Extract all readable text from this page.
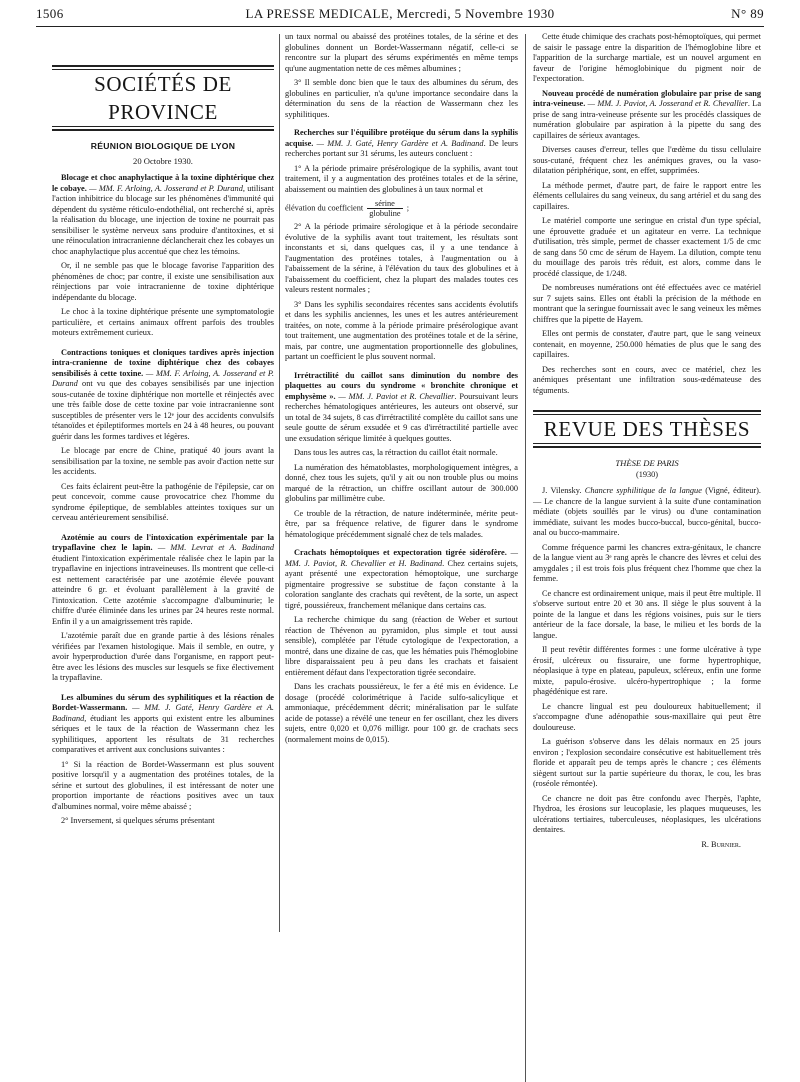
1506	LA PRESSE MEDICALE, Mercredi, 5 Novembre 1930	N° 89
SOCIÉTÉS DE PROVINCE
RÉUNION BIOLOGIQUE DE LYON
20 Octobre 1930.

Blocage et choc anaphylactique à la toxine diphtérique chez le cobaye. — MM. F. Arloing, A. Josserand et P. Durand, utilisant l'action inhibitrice du blocage sur les phénomènes d'immunité qui dépendent du système réticulo-endothélial, ont recherché si, après la réalisation du blocage, une injection de toxine ne pourrait pas sensibiliser le système nerveux sans produire d'antitoxines, et si une réinoculation intracranienne déclancherait chez les cobayes un choc anaphylactique plus accentué que chez les témoins.

Or, il ne semble pas que le blocage favorise l'apparition des phénomènes de choc; par contre, il existe une sensibilisation aux réinjections par voie intracranienne de toxine diphtérique indépendante du blocage.

Le choc à la toxine diphtérique présente une symptomatologie particulière, et certains animaux offrent parfois des troubles moteurs extrêmement curieux.

Contractions toniques et cloniques tardives après injection intra-cranienne de toxine diphtérique chez des cobayes sensibilisés à cette toxine. — MM. F. Arloing, A. Josserand et P. Durand ont vu que des cobayes sensibilisés par une injection sous-cutanée de toxine diphtérique non mortelle et réinjectés avec une très faible dose de cette toxine par voie intracranienne sont susceptibles de présenter vers le 12ᵉ jour des accidents convulsifs tétanoïdes et épileptiformes mortels en 24 à 48 heures, ou pouvant guérir dans les formes tardives et légères.

Le blocage par encre de Chine, pratiqué 40 jours avant la sensibilisation par la toxine, ne semble pas avoir d'action nette sur les accidents.

Ces faits éclairent peut-être la pathogénie de l'épilepsie, car on peut concevoir, comme cause provocatrice chez l'homme du syndrome épileptique, de semblables atteintes toxiques sur un cerveau antérieurement sensibilisé.

Azotémie au cours de l'intoxication expérimentale par la trypaflavine chez le lapin. — MM. Levrat et A. Badinand étudient l'intoxication expérimentale réalisée chez le lapin par la trypaflavine en injections intraveineuses. Ils montrent que celle-ci est nettement caractérisée par une azotémie élevée pouvant atteindre 6 gr. et évoluant parallèlement à la gravité de l'intoxication. Cette azotémie s'accompagne d'albuminurie; le chiffre d'urée éliminée dans les urines par 24 heures reste normal. Enfin il y a un amaigrissement très rapide.

L'azotémie paraît due en grande partie à des lésions rénales vérifiées par l'examen histologique. Mais il semble, en outre, y avoir hyperproduction d'urée dans l'organisme, en rapport peut-être avec les lésions des muscles sur lesquels se fixe électivement la trypaflavine.

Les albumines du sérum des syphilitiques et la réaction de Bordet-Wassermann. — MM. J. Gaté, Henry Gardère et A. Badinand, étudiant les apports qui existent entre les albumines sériques et le taux de la réaction de Wassermann chez les syphilitiques, apportent les résultats de 31 recherches comparatives et arrivent aux conclusions suivantes :

1° Si la réaction de Bordet-Wassermann est plus souvent positive lorsqu'il y a augmentation des protéines totales, de la sérine et surtout des globulines, il est intéressant de noter une proportion importante de réactions positives avec un taux d'albumines normal, voire même abaissé ;

2° Inversement, si quelques sérums présentant

un taux normal ou abaissé des protéines totales, de la sérine et des globulines donnent un Bordet-Wassermann négatif, celle-ci se rencontre sur la plupart des sérums expérimentés en même temps qu'une augmentation nette de ces mêmes albumines ;

3° Il semble donc bien que le taux des albumines du sérum, des globulines en particulier, n'a qu'une importance secondaire dans la détermination du sens de la réaction de Wassermann chez les syphilitiques.

Recherches sur l'équilibre protéique du sérum dans la syphilis acquise. — MM. J. Gaté, Henry Gardère et A. Badinand. De leurs recherches portant sur 31 sérums, les auteurs concluent :

1° A la période primaire présérologique de la syphilis, avant tout traitement, il y a augmentation des protéines totales et de la sérine, abaissement ou maintien des globulines à un taux normal et

élévation du coefficient $\frac{\text{sérine}}{\text{globuline}}$ ;

2° A la période primaire sérologique et à la période secondaire évolutive de la syphilis avant tout traitement, les résultats sont inconstants et si, dans quelques cas, il y a une tendance à l'augmentation des protéines totales, à l'augmentation ou à l'abaissement de la sérine, à l'élévation du taux des globulines et à l'abaissement du coefficient, chez la plupart des malades toutes ces valeurs restent normales ;

3° Dans les syphilis secondaires récentes sans accidents évolutifs et dans les syphilis anciennes, les unes et les autres antérieurement traitées, on note, comme à la période primaire présérologique avant tout traitement, une augmentation des protéines totale et de la sérine, mais, par contre, une augmentation proportionnelle des globulines, partant un coefficient le plus souvent normal.

Irrétractilité du caillot sans diminution du nombre des plaquettes au cours du syndrome « bronchite chronique et emphysème ». — MM. J. Paviot et R. Chevallier. Poursuivant leurs recherches hématologiques antérieures, les auteurs ont observé, sur un total de 34 sujets, 8 cas d'irrétractilité complète du caillot sans une seule goutte de sérum exsudée et 9 cas d'irrétractilité partielle avec une exsudation sérique limitée à quelques gouttes.

Dans tous les autres cas, la rétraction du caillot était normale.

La numération des hématoblastes, morphologiquement intègres, a donné, chez tous les sujets, qu'il y ait ou non trouble plus ou moins marqué de la rétraction, un chiffre oscillant autour de 300.000 globulins par millimètre cube.

Ce trouble de la rétraction, de nature indéterminée, mérite peut-être, par sa fréquence relative, de figurer dans le syndrome hématologique précédemment signalé chez de tels malades.

Crachats hémoptoïques et expectoration tigrée sidérofère. — MM. J. Paviot, R. Chevallier et H. Badinand. Chez certains sujets, ayant présenté une expectoration hémoptoïque, une surcharge pigmentaire progressive se substitue de façon constante à la coloration sanglante des crachats qui revêtent, de la sorte, un aspect tigré, poussiéreux, franchement mélanique dans certains cas.

La recherche chimique du sang (réaction de Weber et surtout réaction de Thévenon au pyramidon, plus simple et tout aussi sensible), complétée par l'étude cytologique de l'expectoration, a montré, dans une dizaine de cas, que les hématies puis l'hémoglobine libre disparaissaient peu à peu dans les crachats et faisaient entièrement défaut dans l'expectoration tigrée secondaire.

Dans les crachats poussiéreux, le fer a été mis en évidence. Le dosage (procédé colorimétrique à l'acide sulfo-salicylique et ammoniaque, précédemment décrit; minéralisation par le sulfate acide de potasse) a révélé une teneur en fer oscillant, chez les divers sujets, entre 0,020 et 0,076 milligr. pour 100 gr. de crachats secs (normalement moins de 0,015).

Cette étude chimique des crachats post-hémoptoïques, qui permet de saisir le passage entre la disparition de l'hémoglobine libre et l'apparition de la surcharge martiale, est un nouvel argument en faveur de l'origine hémoglobinique du pigment noir de l'expectoration.

Nouveau procédé de numération globulaire par prise de sang intra-veineuse. — MM. J. Paviot, A. Josserand et R. Chevallier. La prise de sang intra-veineuse présente sur les procédés classiques de numération globulaire par aspiration à la pipette du sang des capillaires de sérieux avantages.

Diverses causes d'erreur, telles que l'œdème du tissu cellulaire sous-cutané, fréquent chez les anémiques graves, ou la vaso-dilatation périphérique, sont, en effet, supprimées.

La méthode permet, d'autre part, de faire le rapport entre les éléments cellulaires du sang veineux, du sang artériel et du sang des capillaires.

Le matériel comporte une seringue en cristal d'un type spécial, une éprouvette graduée et un agitateur en verre. La technique d'utilisation, très simple, permet de chasser exactement 1/5 de cmc de sang dans 50 cmc de sérum de Hayem. La dilution, compte tenu du mouillage des parois très réduit, est alors, comme dans le procédé classique, de 1/248.

De nombreuses numérations ont été effectuées avec ce matériel sur 7 sujets sains. Elles ont établi la précision de la méthode en montrant que la seringue fournissait avec le sang veineux les mêmes chiffres que la pipette de Hayem.

Elles ont permis de constater, d'autre part, que le sang veineux contenait, en moyenne, 250.000 hématies de plus que le sang des capillaires.

Des recherches sont en cours, avec ce matériel, chez les anémiques présentant une infiltration sous-œdémateuse des téguments.

REVUE DES THÈSES
THÈSE DE PARIS
(1930)

J. Vilensky. Chancre syphilitique de la langue (Vigné, éditeur). — Le chancre de la langue survient à la suite d'une contamination médiate (objets souillés par le virus) ou d'une contamination immédiate, suivant les modes bucco-buccal, bucco-génital, bucco-anal ou bucco-mammaire.

Comme fréquence parmi les chancres extra-génitaux, le chancre de la langue vient au 3ᵉ rang après le chancre des lèvres et celui des amygdales ; il est trois fois plus fréquent chez l'homme que chez la femme.

Ce chancre est ordinairement unique, mais il peut être multiple. Il s'observe surtout entre 20 et 30 ans. Il siège le plus souvent à la pointe de la langue et dans les régions voisines, puis sur le tiers antérieur de la face dorsale, la base, le milieu et les bords de la langue.

Il peut revêtir différentes formes : une forme ulcérative à type érosif, ulcéreux ou fissuraire, une forme hypertrophique, néoplasique à type en plateau, papuleux, scléreux, enfin une forme mixte, papulo-érosive. ulcéro-hypertrophique ; la forme phagédénique est rare.

Le chancre lingual est peu douloureux habituellement; il s'accompagne d'une adénopathie sous-maxillaire qui peut être douloureuse.

La guérison s'observe dans les délais normaux en 25 jours environ ; l'explosion secondaire consécutive est habituellement très floride et apparaît peu de temps après le chancre ; ces éléments siègent surtout sur la partie supérieure du thorax, le cou, les bras (roséole rémontée).

Ce chancre ne doit pas être confondu avec l'herpès, l'aphte, l'hydroa, les érosions sur leucoplasie, les plaques muqueuses, les ulcérations tertiaires, tuberculeuses, néoplasiques, les ulcérations dentaires.

R. Burnier.
